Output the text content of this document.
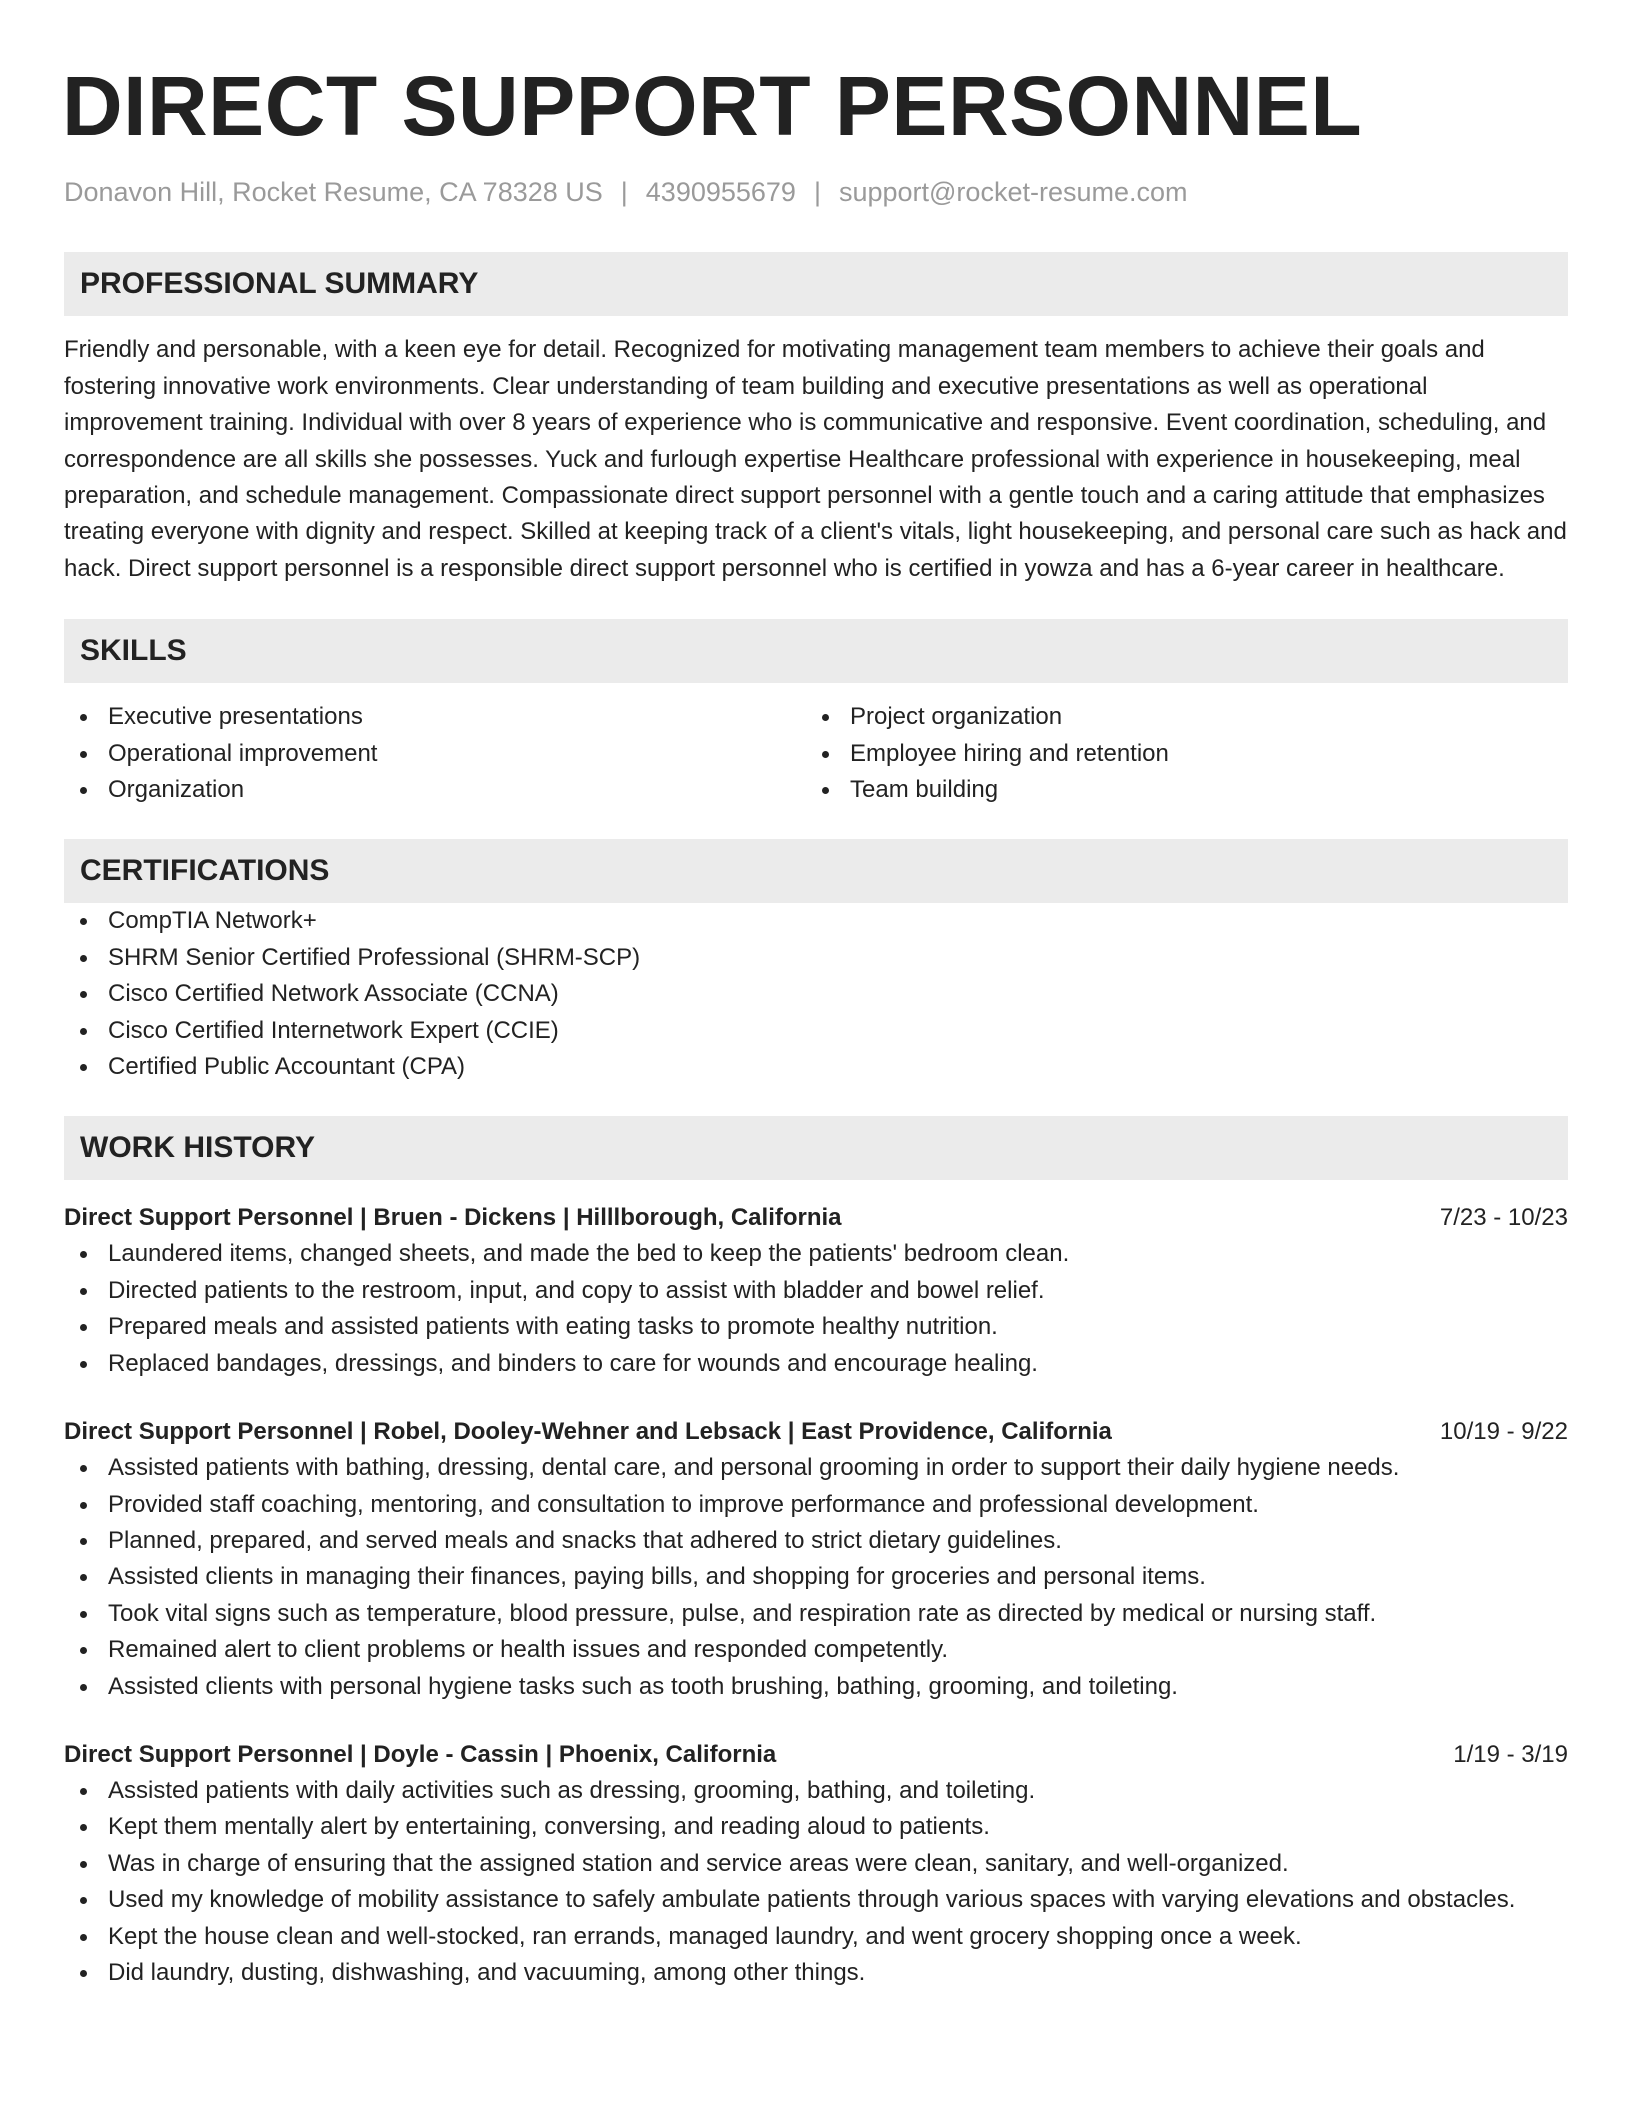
DIRECT SUPPORT PERSONNEL
Donavon Hill, Rocket Resume, CA 78328 US | 4390955679 | support@rocket-resume.com
PROFESSIONAL SUMMARY
Friendly and personable, with a keen eye for detail. Recognized for motivating management team members to achieve their goals and fostering innovative work environments. Clear understanding of team building and executive presentations as well as operational improvement training. Individual with over 8 years of experience who is communicative and responsive. Event coordination, scheduling, and correspondence are all skills she possesses. Yuck and furlough expertise Healthcare professional with experience in housekeeping, meal preparation, and schedule management. Compassionate direct support personnel with a gentle touch and a caring attitude that emphasizes treating everyone with dignity and respect. Skilled at keeping track of a client's vitals, light housekeeping, and personal care such as hack and hack. Direct support personnel is a responsible direct support personnel who is certified in yowza and has a 6-year career in healthcare.
SKILLS
Executive presentations
Operational improvement
Organization
Project organization
Employee hiring and retention
Team building
CERTIFICATIONS
CompTIA Network+
SHRM Senior Certified Professional (SHRM-SCP)
Cisco Certified Network Associate (CCNA)
Cisco Certified Internetwork Expert (CCIE)
Certified Public Accountant (CPA)
WORK HISTORY
Direct Support Personnel | Bruen - Dickens | Hilllborough, California	7/23 - 10/23
Laundered items, changed sheets, and made the bed to keep the patients' bedroom clean.
Directed patients to the restroom, input, and copy to assist with bladder and bowel relief.
Prepared meals and assisted patients with eating tasks to promote healthy nutrition.
Replaced bandages, dressings, and binders to care for wounds and encourage healing.
Direct Support Personnel | Robel, Dooley-Wehner and Lebsack | East Providence, California	10/19 - 9/22
Assisted patients with bathing, dressing, dental care, and personal grooming in order to support their daily hygiene needs.
Provided staff coaching, mentoring, and consultation to improve performance and professional development.
Planned, prepared, and served meals and snacks that adhered to strict dietary guidelines.
Assisted clients in managing their finances, paying bills, and shopping for groceries and personal items.
Took vital signs such as temperature, blood pressure, pulse, and respiration rate as directed by medical or nursing staff.
Remained alert to client problems or health issues and responded competently.
Assisted clients with personal hygiene tasks such as tooth brushing, bathing, grooming, and toileting.
Direct Support Personnel | Doyle - Cassin | Phoenix, California	1/19 - 3/19
Assisted patients with daily activities such as dressing, grooming, bathing, and toileting.
Kept them mentally alert by entertaining, conversing, and reading aloud to patients.
Was in charge of ensuring that the assigned station and service areas were clean, sanitary, and well-organized.
Used my knowledge of mobility assistance to safely ambulate patients through various spaces with varying elevations and obstacles.
Kept the house clean and well-stocked, ran errands, managed laundry, and went grocery shopping once a week.
Did laundry, dusting, dishwashing, and vacuuming, among other things.
